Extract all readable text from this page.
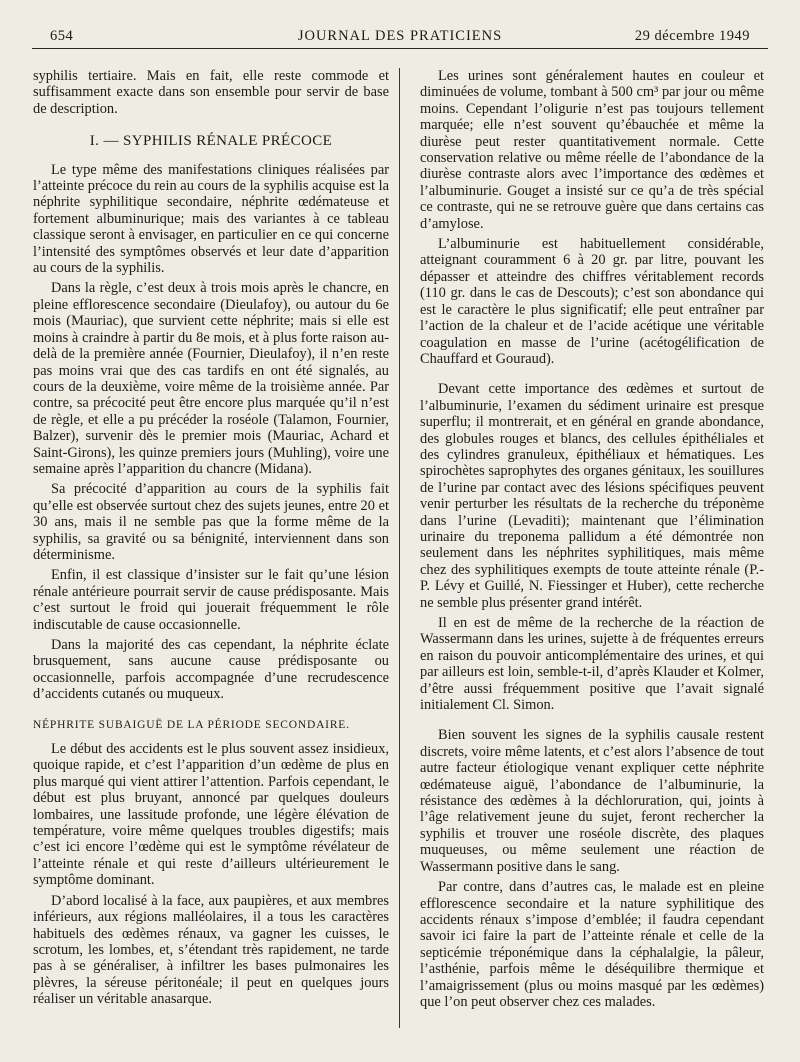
654	JOURNAL DES PRATICIENS	29 décembre 1949

syphilis tertiaire. Mais en fait, elle reste commode et suffisamment exacte dans son ensemble pour servir de base de description.

I. — SYPHILIS RÉNALE PRÉCOCE

Le type même des manifestations cliniques réalisées par l’atteinte précoce du rein au cours de la syphilis acquise est la néphrite syphilitique secondaire, néphrite œdémateuse et fortement albuminurique; mais des variantes à ce tableau classique seront à envisager, en particulier en ce qui concerne l’intensité des symptômes observés et leur date d’apparition au cours de la syphilis.

Dans la règle, c’est deux à trois mois après le chancre, en pleine efflorescence secondaire (Dieulafoy), ou autour du 6e mois (Mauriac), que survient cette néphrite; mais si elle est moins à craindre à partir du 8e mois, et à plus forte raison au-delà de la première année (Fournier, Dieulafoy), il n’en reste pas moins vrai que des cas tardifs en ont été signalés, au cours de la deuxième, voire même de la troisième année. Par contre, sa précocité peut être encore plus marquée qu’il n’est de règle, et elle a pu précéder la roséole (Talamon, Fournier, Balzer), survenir dès le premier mois (Mauriac, Achard et Saint-Girons), les quinze premiers jours (Muhling), voire une semaine après l’apparition du chancre (Midana).

Sa précocité d’apparition au cours de la syphilis fait qu’elle est observée surtout chez des sujets jeunes, entre 20 et 30 ans, mais il ne semble pas que la forme même de la syphilis, sa gravité ou sa bénignité, interviennent dans son déterminisme.

Enfin, il est classique d’insister sur le fait qu’une lésion rénale antérieure pourrait servir de cause prédisposante. Mais c’est surtout le froid qui jouerait fréquemment le rôle indiscutable de cause occasionnelle.

Dans la majorité des cas cependant, la néphrite éclate brusquement, sans aucune cause prédisposante ou occasionnelle, parfois accompagnée d’une recrudescence d’accidents cutanés ou muqueux.

NÉPHRITE SUBAIGUË DE LA PÉRIODE SECONDAIRE.

Le début des accidents est le plus souvent assez insidieux, quoique rapide, et c’est l’apparition d’un œdème de plus en plus marqué qui vient attirer l’attention. Parfois cependant, le début est plus bruyant, annoncé par quelques douleurs lombaires, une lassitude profonde, une légère élévation de température, voire même quelques troubles digestifs; mais c’est ici encore l’œdème qui est le symptôme révélateur de l’atteinte rénale et qui reste d’ailleurs ultérieurement le symptôme dominant.

D’abord localisé à la face, aux paupières, et aux membres inférieurs, aux régions malléolaires, il a tous les caractères habituels des œdèmes rénaux, va gagner les cuisses, le scrotum, les lombes, et, s’étendant très rapidement, ne tarde pas à se généraliser, à infiltrer les bases pulmonaires les plèvres, la séreuse péritonéale; il peut en quelques jours réaliser un véritable anasarque.

Les urines sont généralement hautes en couleur et diminuées de volume, tombant à 500 cm³ par jour ou même moins. Cependant l’oligurie n’est pas toujours tellement marquée; elle n’est souvent qu’ébauchée et même la diurèse peut rester quantitativement normale. Cette conservation relative ou même réelle de l’abondance de la diurèse contraste alors avec l’importance des œdèmes et l’albuminurie. Gouget a insisté sur ce qu’a de très spécial ce contraste, qui ne se retrouve guère que dans certains cas d’amylose.

L’albuminurie est habituellement considérable, atteignant couramment 6 à 20 gr. par litre, pouvant les dépasser et atteindre des chiffres véritablement records (110 gr. dans le cas de Descouts); c’est son abondance qui est le caractère le plus significatif; elle peut entraîner par l’action de la chaleur et de l’acide acétique une véritable coagulation en masse de l’urine (acétogélification de Chauffard et Gouraud).

Devant cette importance des œdèmes et surtout de l’albuminurie, l’examen du sédiment urinaire est presque superflu; il montrerait, et en général en grande abondance, des globules rouges et blancs, des cellules épithéliales et des cylindres granuleux, épithéliaux et hématiques. Les spirochètes saprophytes des organes génitaux, les souillures de l’urine par contact avec des lésions spécifiques peuvent venir perturber les résultats de la recherche du tréponème dans l’urine (Levaditi); maintenant que l’élimination urinaire du treponema pallidum a été démontrée non seulement dans les néphrites syphilitiques, mais même chez des syphilitiques exempts de toute atteinte rénale (P.-P. Lévy et Guillé, N. Fiessinger et Huber), cette recherche ne semble plus présenter grand intérêt.

Il en est de même de la recherche de la réaction de Wassermann dans les urines, sujette à de fréquentes erreurs en raison du pouvoir anticomplémentaire des urines, et qui par ailleurs est loin, semble-t-il, d’après Klauder et Kolmer, d’être aussi fréquemment positive que l’avait signalé initialement Cl. Simon.

Bien souvent les signes de la syphilis causale restent discrets, voire même latents, et c’est alors l’absence de tout autre facteur étiologique venant expliquer cette néphrite œdémateuse aiguë, l’abondance de l’albuminurie, la résistance des œdèmes à la déchloruration, qui, joints à l’âge relativement jeune du sujet, feront rechercher la syphilis et trouver une roséole discrète, des plaques muqueuses, ou même seulement une réaction de Wassermann positive dans le sang.

Par contre, dans d’autres cas, le malade est en pleine efflorescence secondaire et la nature syphilitique des accidents rénaux s’impose d’emblée; il faudra cependant savoir ici faire la part de l’atteinte rénale et celle de la septicémie tréponémique dans la céphalalgie, la pâleur, l’asthénie, parfois même le déséquilibre thermique et l’amaigrissement (plus ou moins masqué par les œdèmes) que l’on peut observer chez ces malades.
